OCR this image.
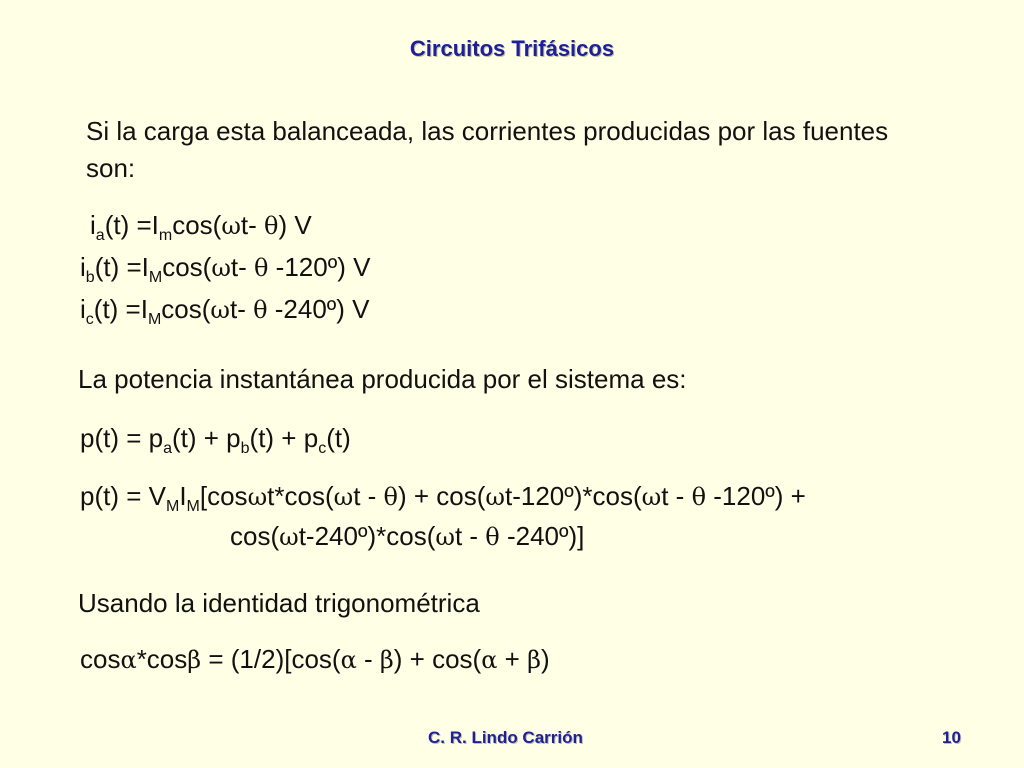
Circuitos Trifásicos
Si la carga esta balanceada, las corrientes producidas por las fuentes
son:
$i_a(t) =I_m\cos(\omega t-$ θ) V
$i_b(t) =I_M\cos(\omega t-$ θ -120º) V
$i_c(t) =I_M\cos(\omega t-$ θ -240º) V
La potencia instantánea producida por el sistema es:
$p(t) = p_a(t) + p_b(t) + p_c(t)$
$p(t) = V_MI_M[\cos\omega t*\cos(\omega t - \theta)$ + cos(ωt-120º)*cos(ωt - θ -120º) +
cos(ωt-240º)*cos(ωt - θ -240º)]
Usando la identidad trigonométrica
cosα*cosβ = (1/2)[cos(α - β) + cos(α + β)
C. R. Lindo Carrión	10
